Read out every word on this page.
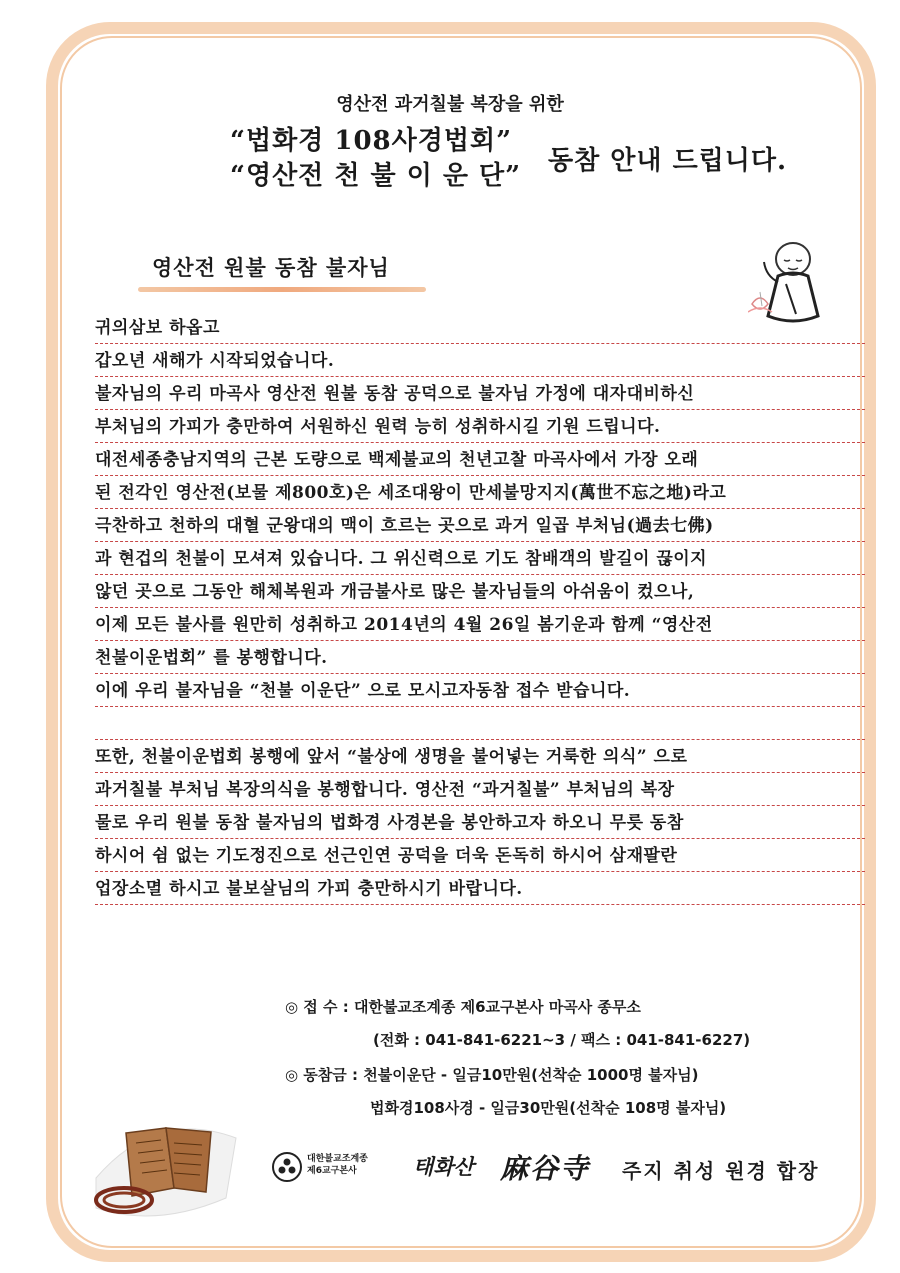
영산전 과거칠불 복장을 위한
“법화경 108사경법회”
“영산전 천 불 이 운 단” 동참 안내 드립니다.
영산전 원불 동참 불자님
귀의삼보 하옵고
갑오년 새해가 시작되었습니다.
불자님의 우리 마곡사 영산전 원불 동참 공덕으로 불자님 가정에 대자대비하신
부처님의 가피가 충만하여 서원하신 원력 능히 성취하시길 기원 드립니다.
대전세종충남지역의 근본 도량으로 백제불교의 천년고찰 마곡사에서 가장 오래
된 전각인 영산전(보물 제800호)은 세조대왕이 만세불망지지(萬世不忘之地)라고
극찬하고 천하의 대혈 군왕대의 맥이 흐르는 곳으로 과거 일곱 부처님(過去七佛)
과 현겁의 천불이 모셔져 있습니다. 그 위신력으로 기도 참배객의 발길이 끊이지
않던 곳으로 그동안 해체복원과 개금불사로 많은 불자님들의 아쉬움이 컸으나,
이제 모든 불사를 원만히 성취하고 2014년의 4월 26일 봄기운과 함께 “영산전
천불이운법회” 를 봉행합니다.
이에 우리 불자님을 “천불 이운단” 으로 모시고자동참 접수 받습니다.
또한, 천불이운법회 봉행에 앞서 “불상에 생명을 불어넣는 거룩한 의식” 으로
과거칠불 부처님 복장의식을 봉행합니다. 영산전 “과거칠불” 부처님의 복장
물로 우리 원불 동참 불자님의 법화경 사경본을 봉안하고자 하오니 무릇 동참
하시어 쉼 없는 기도정진으로 선근인연 공덕을 더욱 돈독히 하시어 삼재팔란
업장소멸 하시고 불보살님의 가피 충만하시기 바랍니다.
◎ 접 수 : 대한불교조계종 제6교구본사 마곡사 종무소
(전화 : 041-841-6221~3 / 팩스 : 041-841-6227)
◎ 동참금 : 천불이운단 - 일금10만원(선착순 1000명 불자님)
법화경108사경 - 일금30만원(선착순 108명 불자님)
대한불교조계종
제6교구본사	태화산 麻谷寺 주지 취성 원경 합장
